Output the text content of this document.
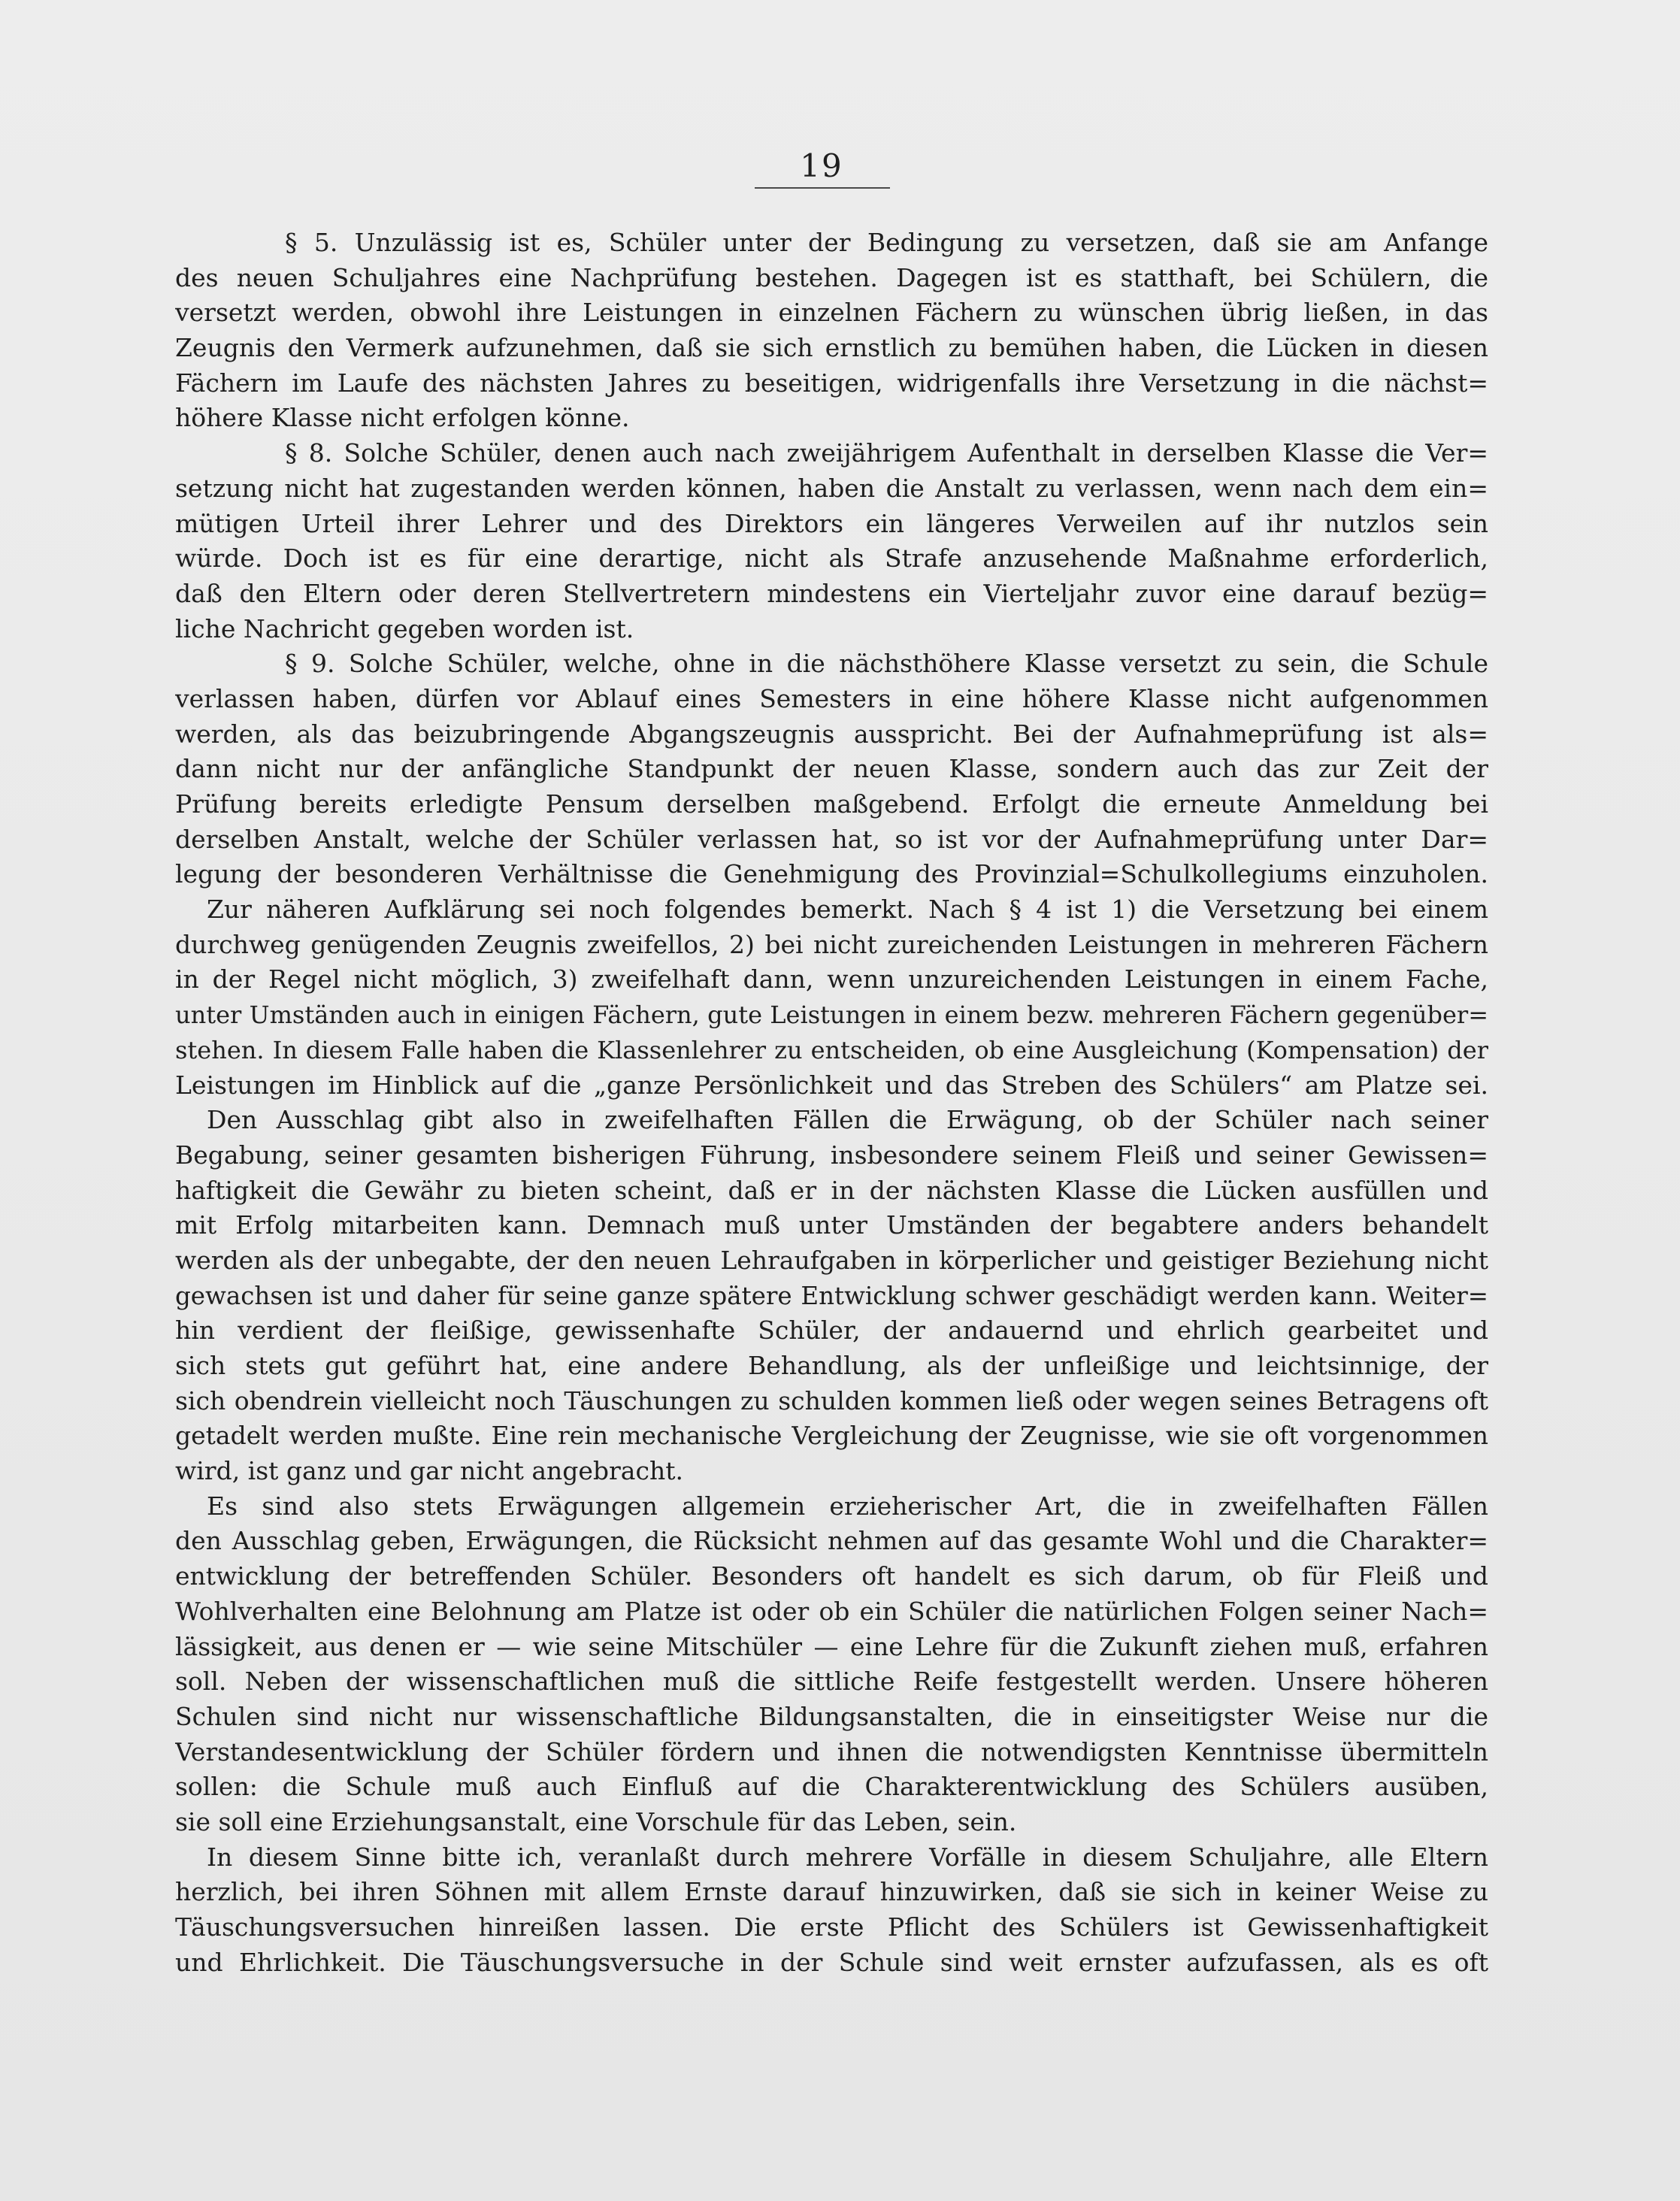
19
§ 5. Unzulässig ist es, Schüler unter der Bedingung zu versetzen, daß sie am Anfange
des neuen Schuljahres eine Nachprüfung bestehen. Dagegen ist es statthaft, bei Schülern, die
versetzt werden, obwohl ihre Leistungen in einzelnen Fächern zu wünschen übrig ließen, in das
Zeugnis den Vermerk aufzunehmen, daß sie sich ernstlich zu bemühen haben, die Lücken in diesen
Fächern im Laufe des nächsten Jahres zu beseitigen, widrigenfalls ihre Versetzung in die nächst=
höhere Klasse nicht erfolgen könne.
§ 8. Solche Schüler, denen auch nach zweijährigem Aufenthalt in derselben Klasse die Ver=
setzung nicht hat zugestanden werden können, haben die Anstalt zu verlassen, wenn nach dem ein=
mütigen Urteil ihrer Lehrer und des Direktors ein längeres Verweilen auf ihr nutzlos sein
würde. Doch ist es für eine derartige, nicht als Strafe anzusehende Maßnahme erforderlich,
daß den Eltern oder deren Stellvertretern mindestens ein Vierteljahr zuvor eine darauf bezüg=
liche Nachricht gegeben worden ist.
§ 9. Solche Schüler, welche, ohne in die nächsthöhere Klasse versetzt zu sein, die Schule
verlassen haben, dürfen vor Ablauf eines Semesters in eine höhere Klasse nicht aufgenommen
werden, als das beizubringende Abgangszeugnis ausspricht. Bei der Aufnahmeprüfung ist als=
dann nicht nur der anfängliche Standpunkt der neuen Klasse, sondern auch das zur Zeit der
Prüfung bereits erledigte Pensum derselben maßgebend. Erfolgt die erneute Anmeldung bei
derselben Anstalt, welche der Schüler verlassen hat, so ist vor der Aufnahmeprüfung unter Dar=
legung der besonderen Verhältnisse die Genehmigung des Provinzial=Schulkollegiums einzuholen.
Zur näheren Aufklärung sei noch folgendes bemerkt. Nach § 4 ist 1) die Versetzung bei einem
durchweg genügenden Zeugnis zweifellos, 2) bei nicht zureichenden Leistungen in mehreren Fächern
in der Regel nicht möglich, 3) zweifelhaft dann, wenn unzureichenden Leistungen in einem Fache,
unter Umständen auch in einigen Fächern, gute Leistungen in einem bezw. mehreren Fächern gegenüber=
stehen. In diesem Falle haben die Klassenlehrer zu entscheiden, ob eine Ausgleichung (Kompensation) der
Leistungen im Hinblick auf die „ganze Persönlichkeit und das Streben des Schülers“ am Platze sei.
Den Ausschlag gibt also in zweifelhaften Fällen die Erwägung, ob der Schüler nach seiner
Begabung, seiner gesamten bisherigen Führung, insbesondere seinem Fleiß und seiner Gewissen=
haftigkeit die Gewähr zu bieten scheint, daß er in der nächsten Klasse die Lücken ausfüllen und
mit Erfolg mitarbeiten kann. Demnach muß unter Umständen der begabtere anders behandelt
werden als der unbegabte, der den neuen Lehraufgaben in körperlicher und geistiger Beziehung nicht
gewachsen ist und daher für seine ganze spätere Entwicklung schwer geschädigt werden kann. Weiter=
hin verdient der fleißige, gewissenhafte Schüler, der andauernd und ehrlich gearbeitet und
sich stets gut geführt hat, eine andere Behandlung, als der unfleißige und leichtsinnige, der
sich obendrein vielleicht noch Täuschungen zu schulden kommen ließ oder wegen seines Betragens oft
getadelt werden mußte. Eine rein mechanische Vergleichung der Zeugnisse, wie sie oft vorgenommen
wird, ist ganz und gar nicht angebracht.
Es sind also stets Erwägungen allgemein erzieherischer Art, die in zweifelhaften Fällen
den Ausschlag geben, Erwägungen, die Rücksicht nehmen auf das gesamte Wohl und die Charakter=
entwicklung der betreffenden Schüler. Besonders oft handelt es sich darum, ob für Fleiß und
Wohlverhalten eine Belohnung am Platze ist oder ob ein Schüler die natürlichen Folgen seiner Nach=
lässigkeit, aus denen er — wie seine Mitschüler — eine Lehre für die Zukunft ziehen muß, erfahren
soll. Neben der wissenschaftlichen muß die sittliche Reife festgestellt werden. Unsere höheren
Schulen sind nicht nur wissenschaftliche Bildungsanstalten, die in einseitigster Weise nur die
Verstandesentwicklung der Schüler fördern und ihnen die notwendigsten Kenntnisse übermitteln
sollen: die Schule muß auch Einfluß auf die Charakterentwicklung des Schülers ausüben,
sie soll eine Erziehungsanstalt, eine Vorschule für das Leben, sein.
In diesem Sinne bitte ich, veranlaßt durch mehrere Vorfälle in diesem Schuljahre, alle Eltern
herzlich, bei ihren Söhnen mit allem Ernste darauf hinzuwirken, daß sie sich in keiner Weise zu
Täuschungsversuchen hinreißen lassen. Die erste Pflicht des Schülers ist Gewissenhaftigkeit
und Ehrlichkeit. Die Täuschungsversuche in der Schule sind weit ernster aufzufassen, als es oft
